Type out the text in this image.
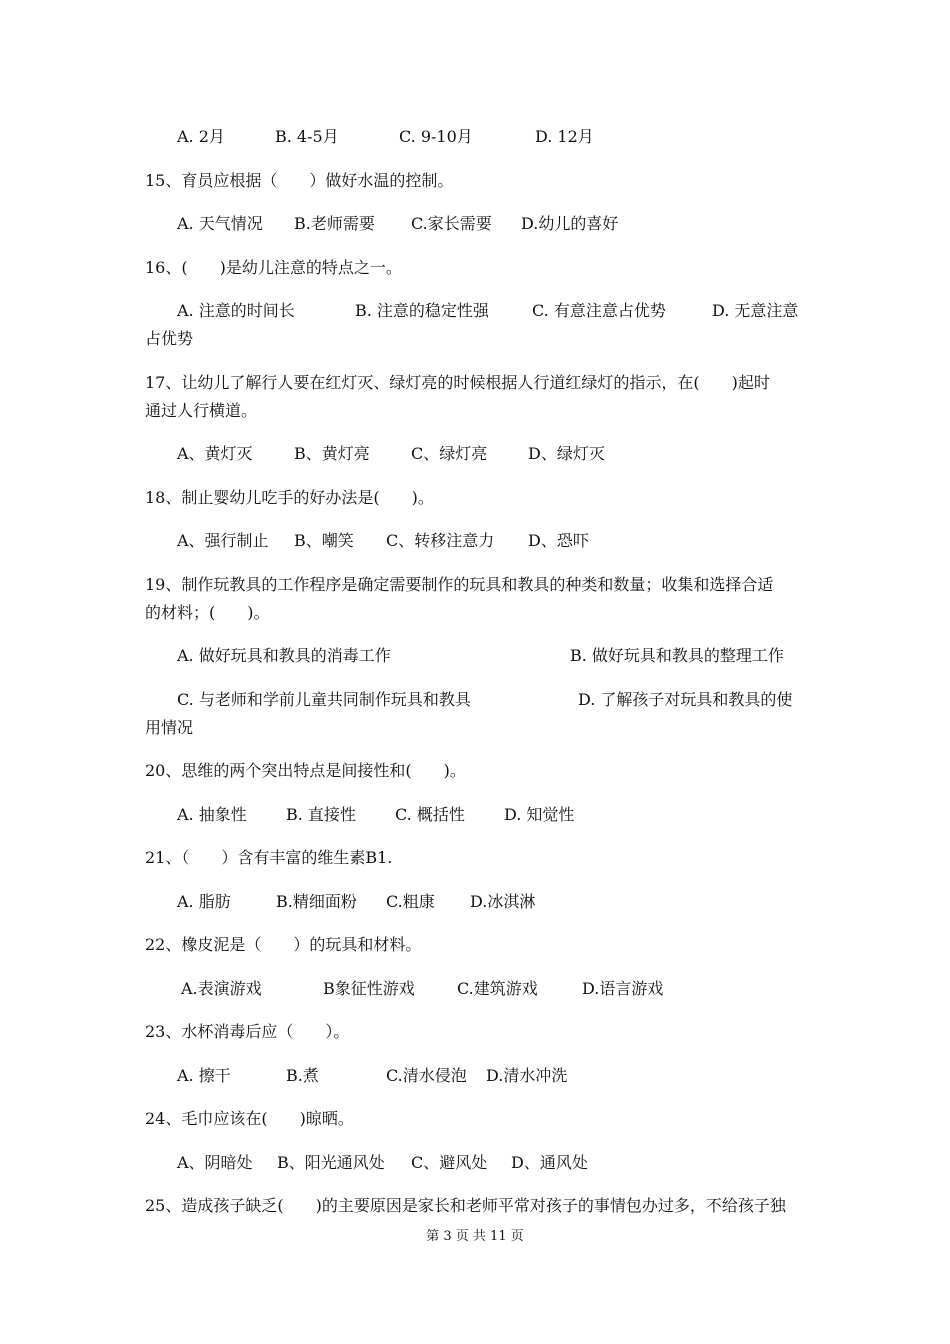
A. 2月	B. 4-5月	C. 9-10月	D. 12月
15、育员应根据（　　）做好水温的控制。
A. 天气情况 B.老师需要 C.家长需要 D.幼儿的喜好
16、(　　)是幼儿注意的特点之一。
A. 注意的时间长	B. 注意的稳定性强	C. 有意注意占优势	D. 无意注意
占优势
17、让幼儿了解行人要在红灯灭、绿灯亮的时候根据人行道红绿灯的指示，在(　　)起时
通过人行横道。
A、黄灯灭	B、黄灯亮	C、绿灯亮	D、绿灯灭
18、制止婴幼儿吃手的好办法是(　　)。
A、强行制止 B、嘲笑 C、转移注意力 D、恐吓
19、制作玩教具的工作程序是确定需要制作的玩具和教具的种类和数量；收集和选择合适
的材料；(　　)。
A. 做好玩具和教具的消毒工作	B. 做好玩具和教具的整理工作
C. 与老师和学前儿童共同制作玩具和教具	D. 了解孩子对玩具和教具的使
用情况
20、思维的两个突出特点是间接性和(　　)。
A. 抽象性 B. 直接性 C. 概括性 D. 知觉性
21、（　　）含有丰富的维生素B1.
A. 脂肪	B.精细面粉 C.粗康 D.冰淇淋
22、橡皮泥是（　　）的玩具和材料。
A.表演游戏	B象征性游戏	C.建筑游戏	D.语言游戏
23、水杯消毒后应（　　）。
A. 擦干	B.煮	C.清水侵泡 D.清水冲洗
24、毛巾应该在(　　)晾晒。
A、阴暗处 B、阳光通风处 C、避风处 D、通风处
25、造成孩子缺乏(　　)的主要原因是家长和老师平常对孩子的事情包办过多，不给孩子独
第 3 页 共 11 页
